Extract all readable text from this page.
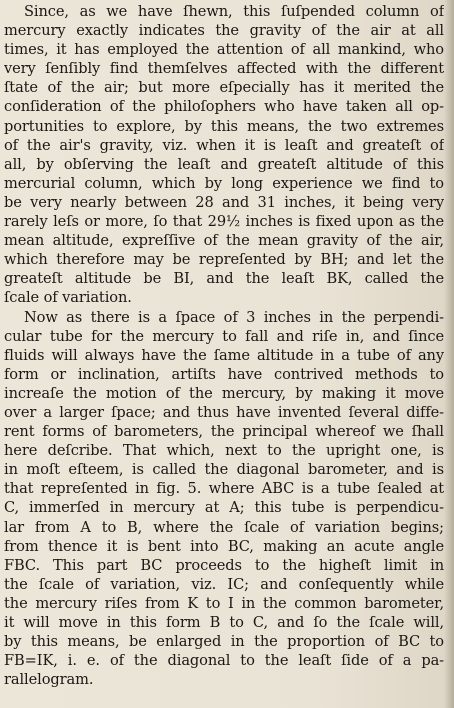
Since, as we have ſhewn, this ſuſpended column of
mercury exactly indicates the gravity of the air at all
times, it has employed the attention of all mankind, who
very ſenſibly find themſelves affected with the different
ſtate of the air; but more eſpecially has it merited the
conſideration of the philoſophers who have taken all op-
portunities to explore, by this means, the two extremes
of the air's gravity, viz. when it is leaſt and greateſt of
all, by obſerving the leaſt and greateſt altitude of this
mercurial column, which by long experience we find to
be very nearly between 28 and 31 inches, it being very
rarely leſs or more, ſo that 29½ inches is fixed upon as the
mean altitude, expreſſive of the mean gravity of the air,
which therefore may be repreſented by BH; and let the
greateſt altitude be BI, and the leaſt BK, called the
ſcale of variation.
Now as there is a ſpace of 3 inches in the perpendi-
cular tube for the mercury to fall and riſe in, and ſince
fluids will always have the ſame altitude in a tube of any
form or inclination, artiſts have contrived methods to
increaſe the motion of the mercury, by making it move
over a larger ſpace; and thus have invented ſeveral diffe-
rent forms of barometers, the principal whereof we ſhall
here deſcribe. That which, next to the upright one, is
in moſt eſteem, is called the diagonal barometer, and is
that repreſented in fig. 5. where ABC is a tube ſealed at
C, immerſed in mercury at A; this tube is perpendicu-
lar from A to B, where the ſcale of variation begins;
from thence it is bent into BC, making an acute angle
FBC. This part BC proceeds to the higheſt limit in
the ſcale of variation, viz. IC; and conſequently while
the mercury riſes from K to I in the common barometer,
it will move in this form B to C, and ſo the ſcale will,
by this means, be enlarged in the proportion of BC to
FB=IK, i. e. of the diagonal to the leaſt ſide of a pa-
rallelogram.
